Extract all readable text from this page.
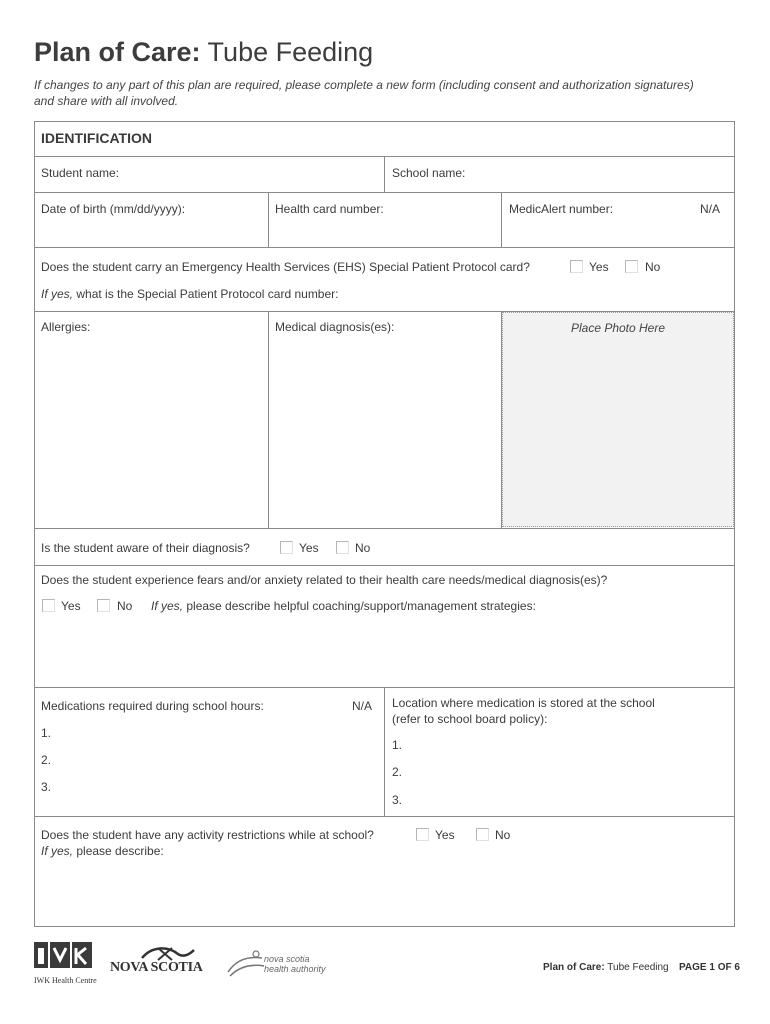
Plan of Care: Tube Feeding
If changes to any part of this plan are required, please complete a new form (including consent and authorization signatures)
and share with all involved.
IDENTIFICATION
Student name:	School name:
Date of birth (mm/dd/yyyy):	Health card number:	MedicAlert number:	N/A
Does the student carry an Emergency Health Services (EHS) Special Patient Protocol card?	Yes	No
If yes, what is the Special Patient Protocol card number:
Allergies:	Medical diagnosis(es):	Place Photo Here
Is the student aware of their diagnosis?	Yes	No
Does the student experience fears and/or anxiety related to their health care needs/medical diagnosis(es)?
Yes	No If yes, please describe helpful coaching/support/management strategies:
Medications required during school hours:	N/A
1.
2.
3.
Location where medication is stored at the school
(refer to school board policy):
1.
2.
3.
Does the student have any activity restrictions while at school?	Yes	No
If yes, please describe:
IWK Health Centre
NOVA SCOTIA
nova scotia
health authority	Plan of Care: Tube Feeding PAGE 1 OF 6
